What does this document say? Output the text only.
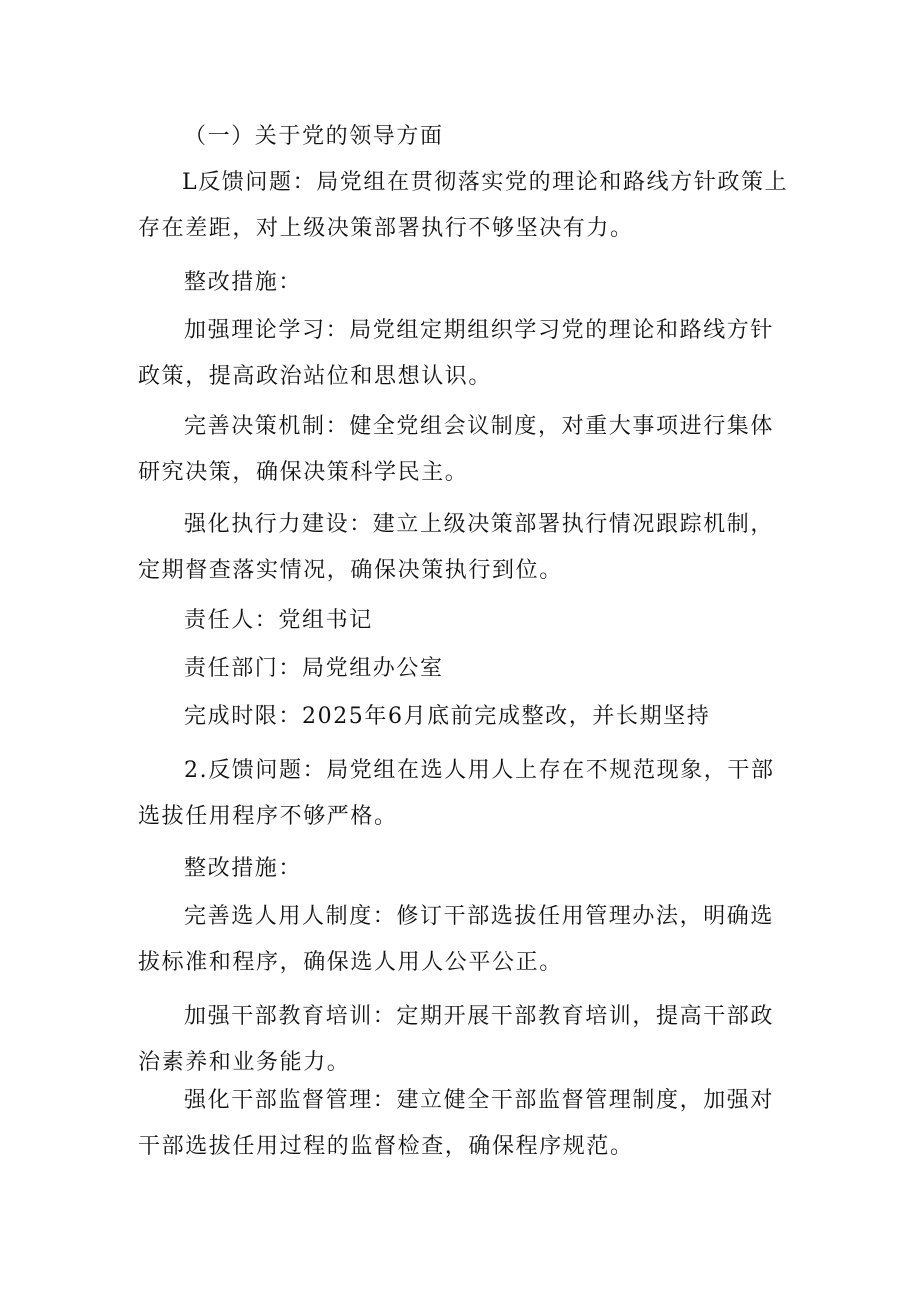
（一）关于党的领导方面

L反馈问题：局党组在贯彻落实党的理论和路线方针政策上存在差距，对上级决策部署执行不够坚决有力。

整改措施：

加强理论学习：局党组定期组织学习党的理论和路线方针政策，提高政治站位和思想认识。

完善决策机制：健全党组会议制度，对重大事项进行集体研究决策，确保决策科学民主。

强化执行力建设：建立上级决策部署执行情况跟踪机制，定期督查落实情况，确保决策执行到位。

责任人：党组书记

责任部门：局党组办公室

完成时限：2025年6月底前完成整改，并长期坚持

2.反馈问题：局党组在选人用人上存在不规范现象，干部选拔任用程序不够严格。

整改措施：

完善选人用人制度：修订干部选拔任用管理办法，明确选拔标准和程序，确保选人用人公平公正。

加强干部教育培训：定期开展干部教育培训，提高干部政治素养和业务能力。

强化干部监督管理：建立健全干部监督管理制度，加强对干部选拔任用过程的监督检查，确保程序规范。
